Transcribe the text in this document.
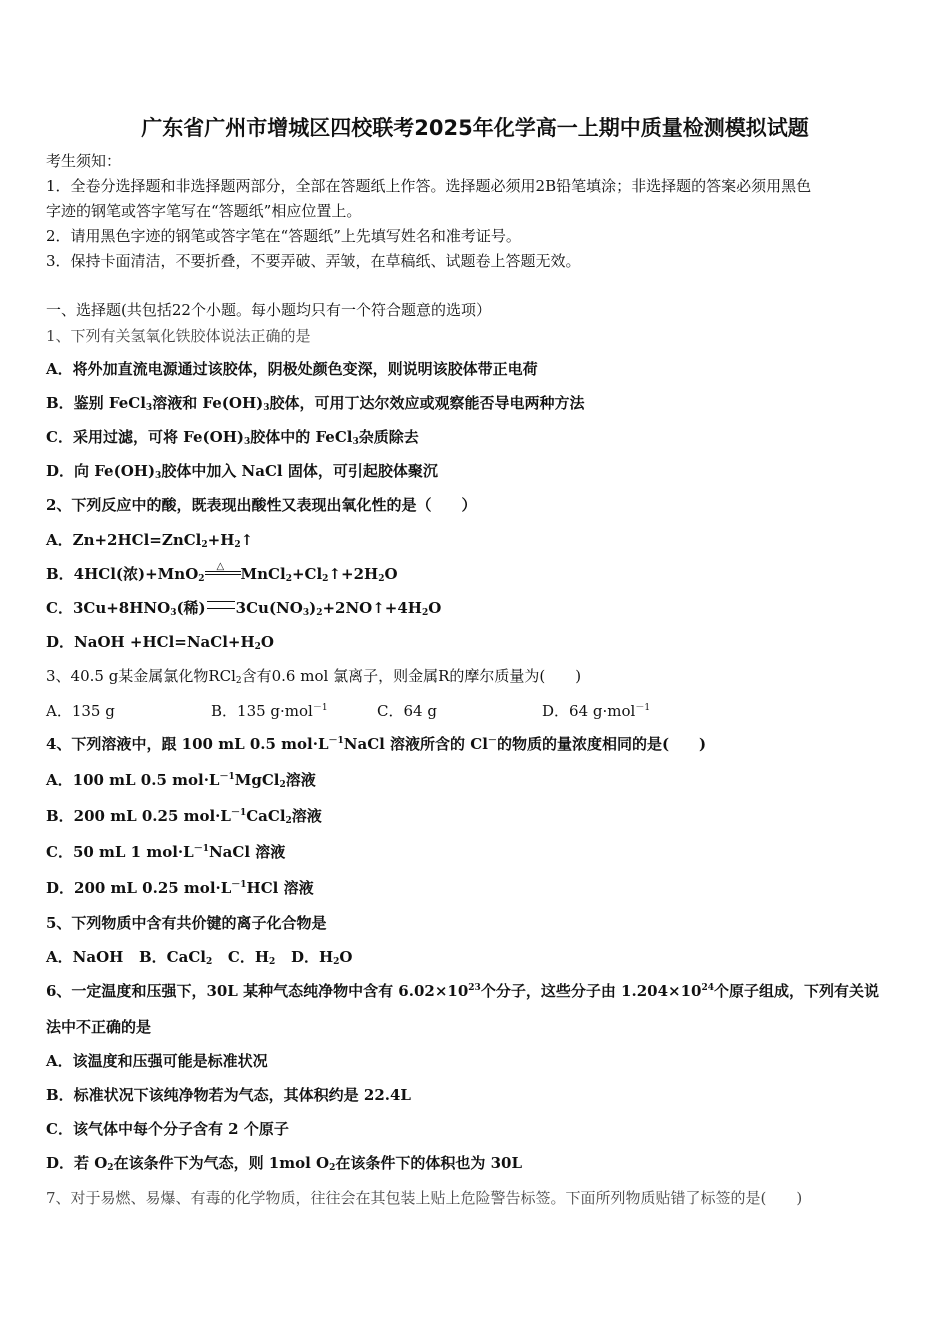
广东省广州市增城区四校联考2025年化学高一上期中质量检测模拟试题
考生须知：
1．全卷分选择题和非选择题两部分，全部在答题纸上作答。选择题必须用2B铅笔填涂；非选择题的答案必须用黑色
字迹的钢笔或答字笔写在“答题纸”相应位置上。
2．请用黑色字迹的钢笔或答字笔在“答题纸”上先填写姓名和准考证号。
3．保持卡面清洁，不要折叠，不要弄破、弄皱，在草稿纸、试题卷上答题无效。
一、选择题(共包括22个小题。每小题均只有一个符合题意的选项）
1、下列有关氢氧化铁胶体说法正确的是
A．将外加直流电源通过该胶体，阴极处颜色变深，则说明该胶体带正电荷
B．鉴别 FeCl$_3$溶液和 $Fe(OH)_3$胶体，可用丁达尔效应或观察能否导电两种方法
C．采用过滤，可将 $Fe(OH)_3$胶体中的 FeCl$_3$杂质除去
D．向 $Fe(OH)_3$胶体中加入 NaCl 固体，可引起胶体聚沉
2、下列反应中的酸，既表现出酸性又表现出氧化性的是（　　）
A．$Zn+2HCl=ZnCl_2+H_2↑$
B．4HCl(浓)+MnO$_2$
△ $MnCl_2+Cl_2↑+2H_2O$
C．$3Cu+8HNO_3$(稀) $3Cu(NO_3)_2+2NO↑+4H_2O$
D．NaOH $+HCl=NaCl+H_2O$
3、40.5 g某金属氯化物RCl$_2$含有0.6 mol 氯离子，则金属R的摩尔质量为(　　)
A．135 g	B．135 g·mol$^{-1}$	C．64 g	D．64 g·mol$^{-1}$
4、下列溶液中，跟 100 mL 0.5 $mol\cdot L^{-1}NaCl$ 溶液所含的 Cl－的物质的量浓度相同的是(　　)
A．100 mL 0.5 $mol\cdot L^{-1}MgCl_2$溶液
B．200 mL 0.25 $mol\cdot L^{-1}CaCl_2$溶液
C．50 mL 1 $mol\cdot L^{-1}NaCl$ 溶液
D．200 mL 0.25 $mol\cdot L^{-1}HCl$ 溶液
5、下列物质中含有共价键的离子化合物是
A．NaOH B．CaCl$_2$ C．$H_2$ D．$H_2O$
6、一定温度和压强下，30L 某种气态纯净物中含有 $6.02\times 10^{23}$个分子，这些分子由 $1.204\times 10^{24}$个原子组成，下列有关说
法中不正确的是
A．该温度和压强可能是标准状况
B．标准状况下该纯净物若为气态，其体积约是 22.4L
C．该气体中每个分子含有 2 个原子
D．若 $O_2$在该条件下为气态，则 1mol $O_2$在该条件下的体积也为 30L
7、对于易燃、易爆、有毒的化学物质，往往会在其包装上贴上危险警告标签。下面所列物质贴错了标签的是(　　)
